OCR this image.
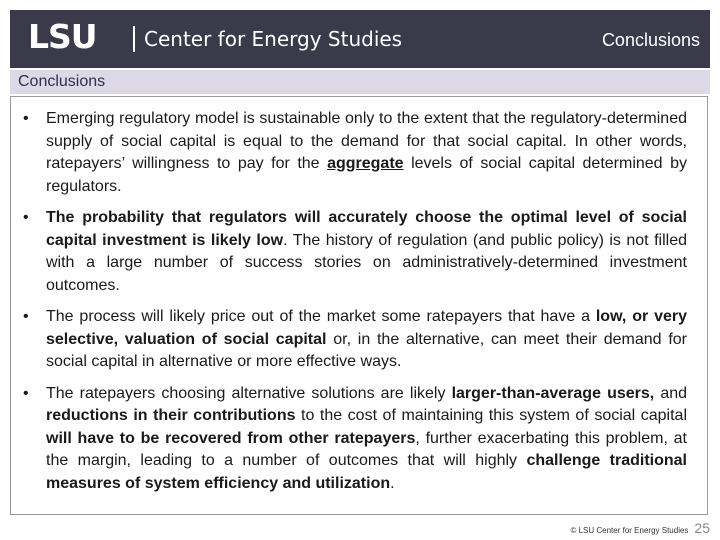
LSU Center for Energy Studies	Conclusions
Conclusions
• Emerging regulatory model is sustainable only to the extent that the regulatory-determined supply of social capital is equal to the demand for that social capital. In other words, ratepayers’ willingness to pay for the aggregate levels of social capital determined by regulators.
• The probability that regulators will accurately choose the optimal level of social capital investment is likely low. The history of regulation (and public policy) is not filled with a large number of success stories on administratively-determined investment outcomes.
• The process will likely price out of the market some ratepayers that have a low, or very selective, valuation of social capital or, in the alternative, can meet their demand for social capital in alternative or more effective ways.
• The ratepayers choosing alternative solutions are likely larger-than-average users, and reductions in their contributions to the cost of maintaining this system of social capital will have to be recovered from other ratepayers, further exacerbating this problem, at the margin, leading to a number of outcomes that will highly challenge traditional measures of system efficiency and utilization.
© LSU Center for Energy Studies 25
